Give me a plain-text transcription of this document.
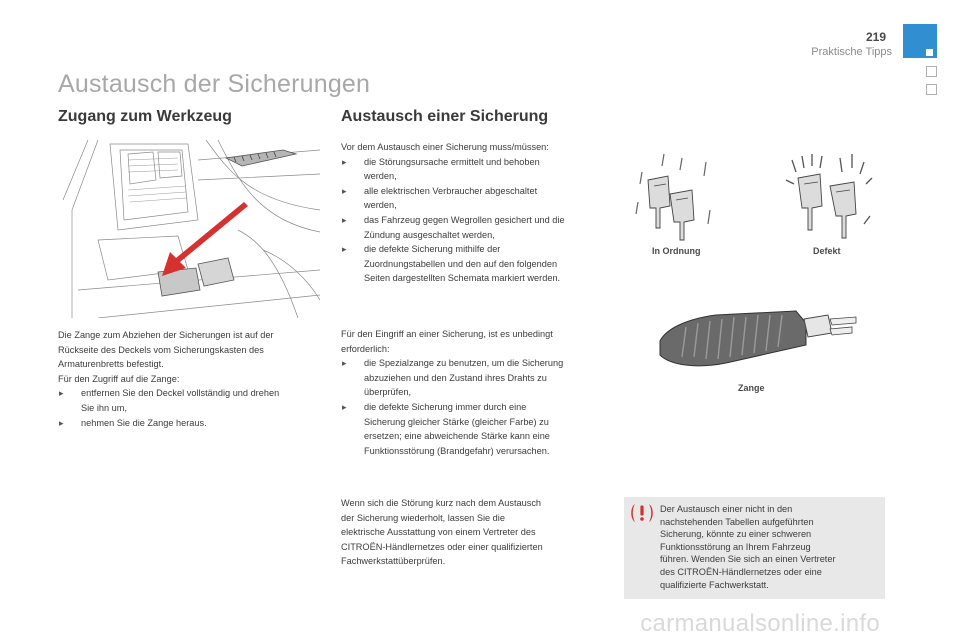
219
Praktische Tipps
Austausch der Sicherungen
Zugang zum Werkzeug

Die Zange zum Abziehen der Sicherungen ist auf der

Rückseite des Deckels vom Sicherungskasten des

Armaturenbretts befestigt.

Für den Zugriff auf die Zange:

▸ entfernen Sie den Deckel vollständig und drehen
Sie ihn um,
▸ nehmen Sie die Zange heraus.
Austausch einer Sicherung

Vor dem Austausch einer Sicherung muss/müssen:

▸ die Störungsursache ermittelt und behoben
werden,
▸ alle elektrischen Verbraucher abgeschaltet
werden,
▸ das Fahrzeug gegen Wegrollen gesichert und die
Zündung ausgeschaltet werden,
▸ die defekte Sicherung mithilfe der
Zuordnungstabellen und den auf den folgenden
Seiten dargestellten Schemata markiert werden.

Für den Eingriff an einer Sicherung, ist es unbedingt

erforderlich:

▸ die Spezialzange zu benutzen, um die Sicherung
abzuziehen und den Zustand ihres Drahts zu
überprüfen,
▸ die defekte Sicherung immer durch eine
Sicherung gleicher Stärke (gleicher Farbe) zu
ersetzen; eine abweichende Stärke kann eine
Funktionsstörung (Brandgefahr) verursachen.

Wenn sich die Störung kurz nach dem Austausch

der Sicherung wiederholt, lassen Sie die

elektrische Ausstattung von einem Vertreter des

CITROËN-Händlernetzes oder einer qualifizierten

Fachwerkstattüberprüfen.

In Ordnung	Defekt
Zange
Der Austausch einer nicht in den
nachstehenden Tabellen aufgeführten
Sicherung, könnte zu einer schweren
Funktionsstörung an Ihrem Fahrzeug
führen. Wenden Sie sich an einen Vertreter
des CITROËN-Händlernetzes oder eine
qualifizierte Fachwerkstatt.
carmanualsonline.info
